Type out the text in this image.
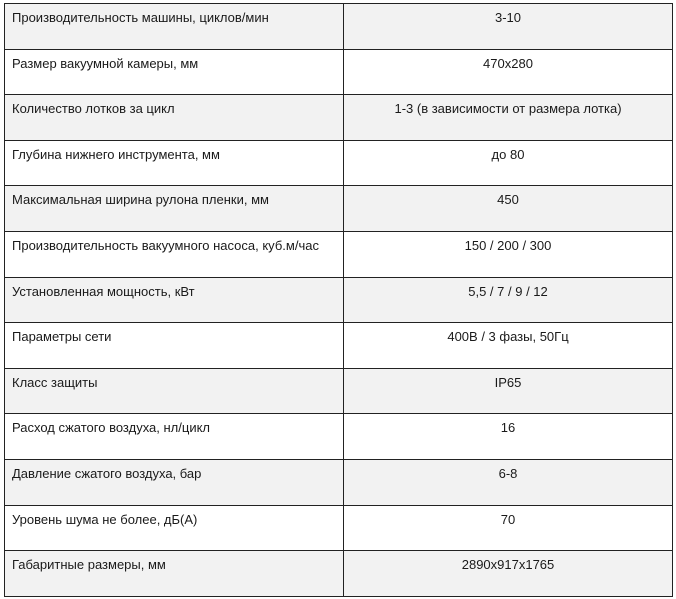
Производительность машины, циклов/мин	3-10
Размер вакуумной камеры, мм	470x280
Количество лотков за цикл	1-3 (в зависимости от размера лотка)
Глубина нижнего инструмента, мм	до 80
Максимальная ширина рулона пленки, мм	450
Производительность вакуумного насоса, куб.м/час	150 / 200 / 300
Установленная мощность, кВт	5,5 / 7 / 9 / 12
Параметры сети	400В / 3 фазы, 50Гц
Класс защиты	IP65
Расход сжатого воздуха, нл/цикл	16
Давление сжатого воздуха, бар	6-8
Уровень шума не более, дБ(А)	70
Габаритные размеры, мм	2890x917x1765
